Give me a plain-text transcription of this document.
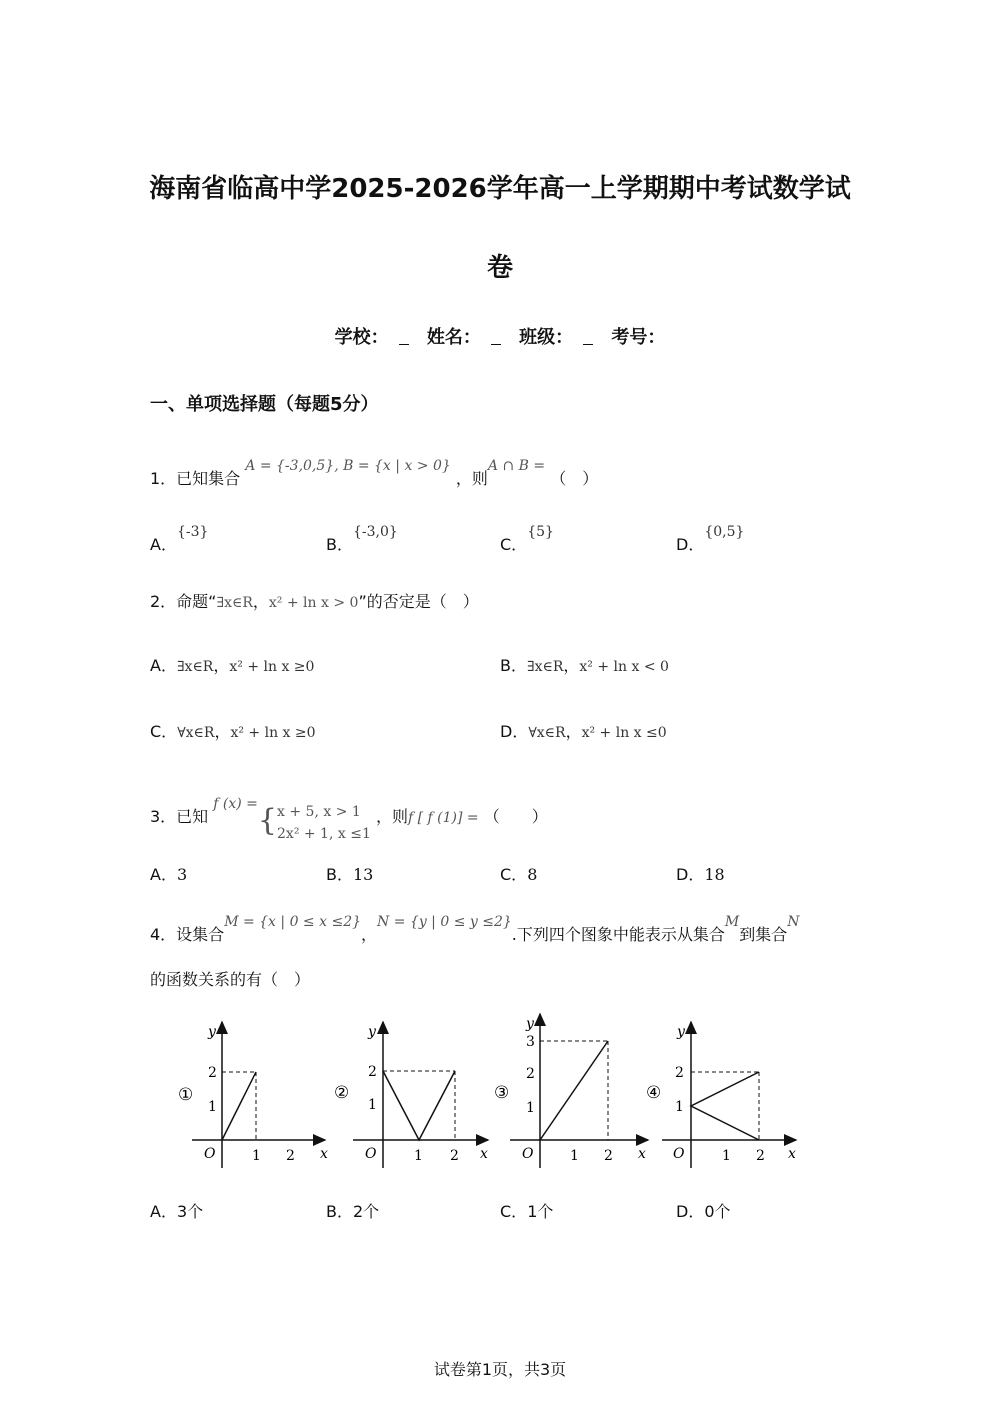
海南省临高中学2025-2026学年高一上学期期中考试数学试
卷
学校： 姓名： 班级： 考号：
一、单项选择题（每题5分）
1．已知集合 A = {-3,0,5}, B = {x | x > 0} ，则A ∩ B = （　）
A．{-3}
B．{-3,0}
C．{5}
D．{0,5}
2．命题“∃x∈R，x² + ln x > 0”的否定是（　）
A．∃x∈R，x² + ln x ≥0	B．∃x∈R，x² + ln x < 0
C．∀x∈R，x² + ln x ≥0	D．∀x∈R，x² + ln x ≤0
3．已知 f (x) ={ x + 5, x > 1
2x² + 1, x ≤1
，则f [ f (1)] = （　　）
A．3	B．13	C．8	D．18
4．设集合M = {x | 0 ≤ x ≤2}，N = {y | 0 ≤ y ≤2}.下列四个图象中能表示从集合M到集合N
的函数关系的有（　）
①
y
x
O	1 2
1
2
②
y
x
O	1 2
1
2
③
y
x
O	1 2
1
2
3
④
y
x
O	1 2
1
2
A．3个	B．2个	C．1个	D．0个
试卷第1页，共3页
